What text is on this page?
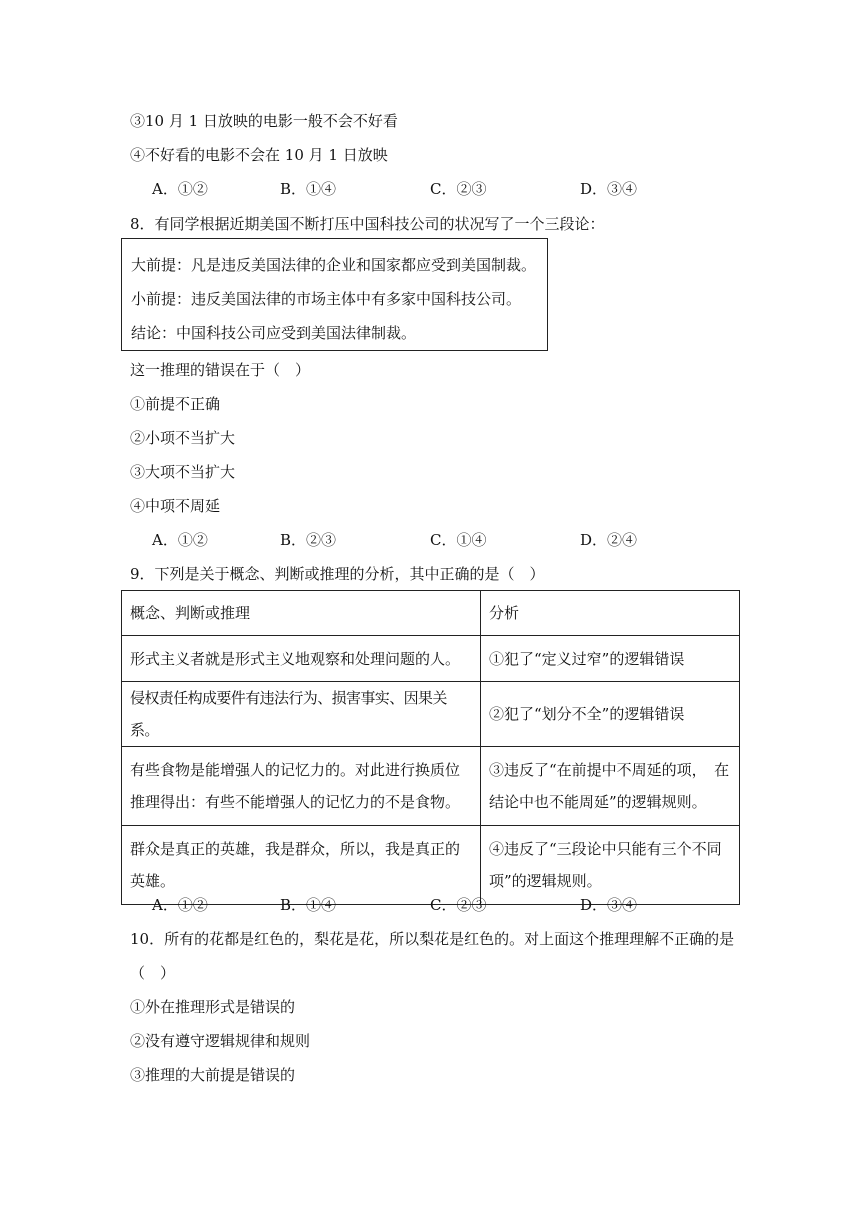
③10 月 1 日放映的电影一般不会不好看
④不好看的电影不会在 10 月 1 日放映
A．①②	B．①④	C．②③	D．③④
8．有同学根据近期美国不断打压中国科技公司的状况写了一个三段论：
大前提：凡是违反美国法律的企业和国家都应受到美国制裁。
小前提：违反美国法律的市场主体中有多家中国科技公司。
结论：中国科技公司应受到美国法律制裁。
这一推理的错误在于（　）
①前提不正确
②小项不当扩大
③大项不当扩大
④中项不周延
A．①②	B．②③	C．①④	D．②④
9．下列是关于概念、判断或推理的分析，其中正确的是（　）
概念、判断或推理	分析
形式主义者就是形式主义地观察和处理问题的人。	①犯了“定义过窄”的逻辑错误
侵权责任构成要件有违法行为、损害事实、因果关系。	②犯了“划分不全”的逻辑错误
有些食物是能增强人的记忆力的。对此进行换质位推理得出：有些不能增强人的记忆力的不是食物。	③违反了“在前提中不周延的项，　在结论中也不能周延”的逻辑规则。
群众是真正的英雄，我是群众，所以，我是真正的英雄。	④违反了“三段论中只能有三个不同项”的逻辑规则。
A．①②	B．①④	C．②③	D．③④
10．所有的花都是红色的，梨花是花，所以梨花是红色的。对上面这个推理理解不正确的是
（　）
①外在推理形式是错误的
②没有遵守逻辑规律和规则
③推理的大前提是错误的
